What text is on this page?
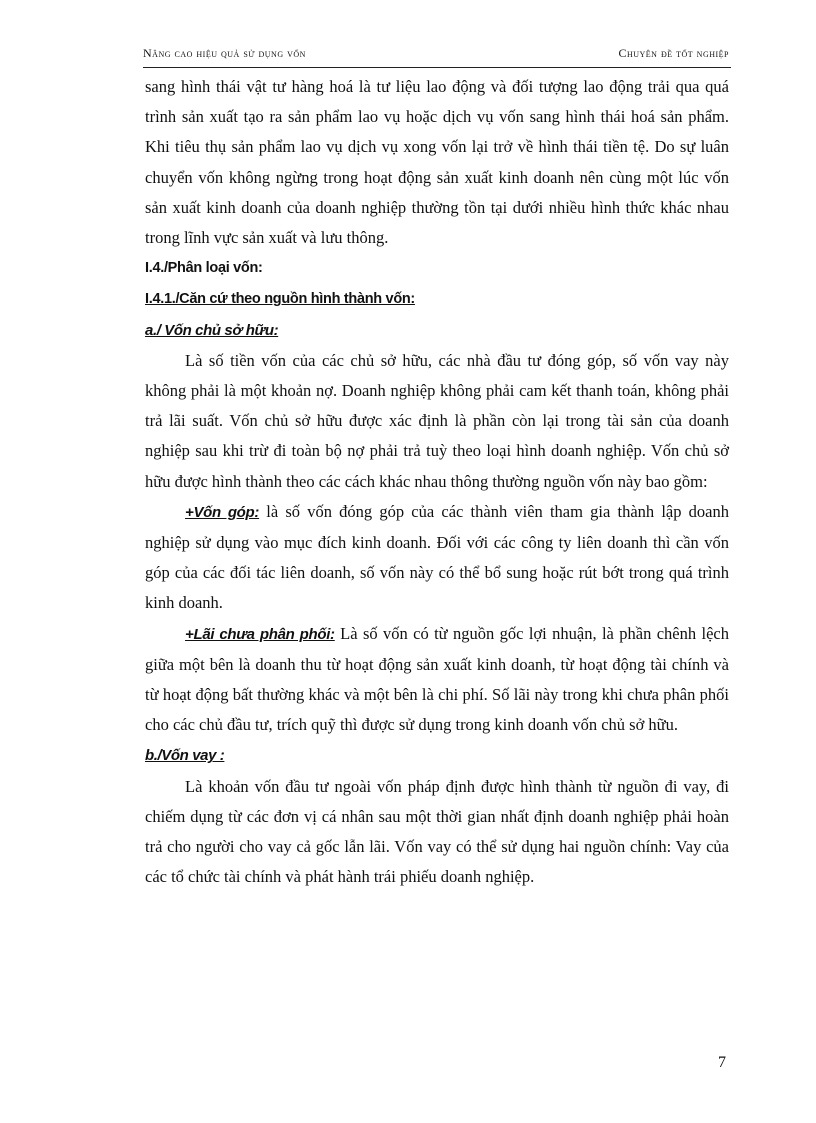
Nâng cao hiệu quả sử dụng vốn	Chuyên đề tốt nghiệp

sang hình thái vật tư hàng hoá là tư liệu lao động và đối tượng lao động trải qua quá trình sản xuất tạo ra sản phẩm lao vụ hoặc dịch vụ vốn sang hình thái hoá sản phẩm. Khi tiêu thụ sản phẩm lao vụ dịch vụ xong vốn lại trở về hình thái tiền tệ. Do sự luân chuyển vốn không ngừng trong hoạt động sản xuất kinh doanh nên cùng một lúc vốn sản xuất kinh doanh của doanh nghiệp thường tồn tại dưới nhiều hình thức khác nhau trong lĩnh vực sản xuất và lưu thông.

I.4./Phân loại vốn:

I.4.1./Căn cứ theo nguồn hình thành vốn:

a./ Vốn chủ sở hữu:

Là số tiền vốn của các chủ sở hữu, các nhà đầu tư đóng góp, số vốn vay này không phải là một khoản nợ. Doanh nghiệp không phải cam kết thanh toán, không phải trả lãi suất. Vốn chủ sở hữu được xác định là phần còn lại trong tài sản của doanh nghiệp sau khi trừ đi toàn bộ nợ phải trả tuỳ theo loại hình doanh nghiệp. Vốn chủ sở hữu được hình thành theo các cách khác nhau thông thường nguồn vốn này bao gồm:

+Vốn góp: là số vốn đóng góp của các thành viên tham gia thành lập doanh nghiệp sử dụng vào mục đích kinh doanh. Đối với các công ty liên doanh thì cần vốn góp của các đối tác liên doanh, số vốn này có thể bổ sung hoặc rút bớt trong quá trình kinh doanh.

+Lãi chưa phân phối: Là số vốn có từ nguồn gốc lợi nhuận, là phần chênh lệch giữa một bên là doanh thu từ hoạt động sản xuất kinh doanh, từ hoạt động tài chính và từ hoạt động bất thường khác và một bên là chi phí. Số lãi này trong khi chưa phân phối cho các chủ đầu tư, trích quỹ thì được sử dụng trong kinh doanh vốn chủ sở hữu.

b./Vốn vay :

Là khoản vốn đầu tư ngoài vốn pháp định được hình thành từ nguồn đi vay, đi chiếm dụng từ các đơn vị cá nhân sau một thời gian nhất định doanh nghiệp phải hoàn trả cho người cho vay cả gốc lẫn lãi. Vốn vay có thể sử dụng hai nguồn chính: Vay của các tổ chức tài chính và phát hành trái phiếu doanh nghiệp.

7
